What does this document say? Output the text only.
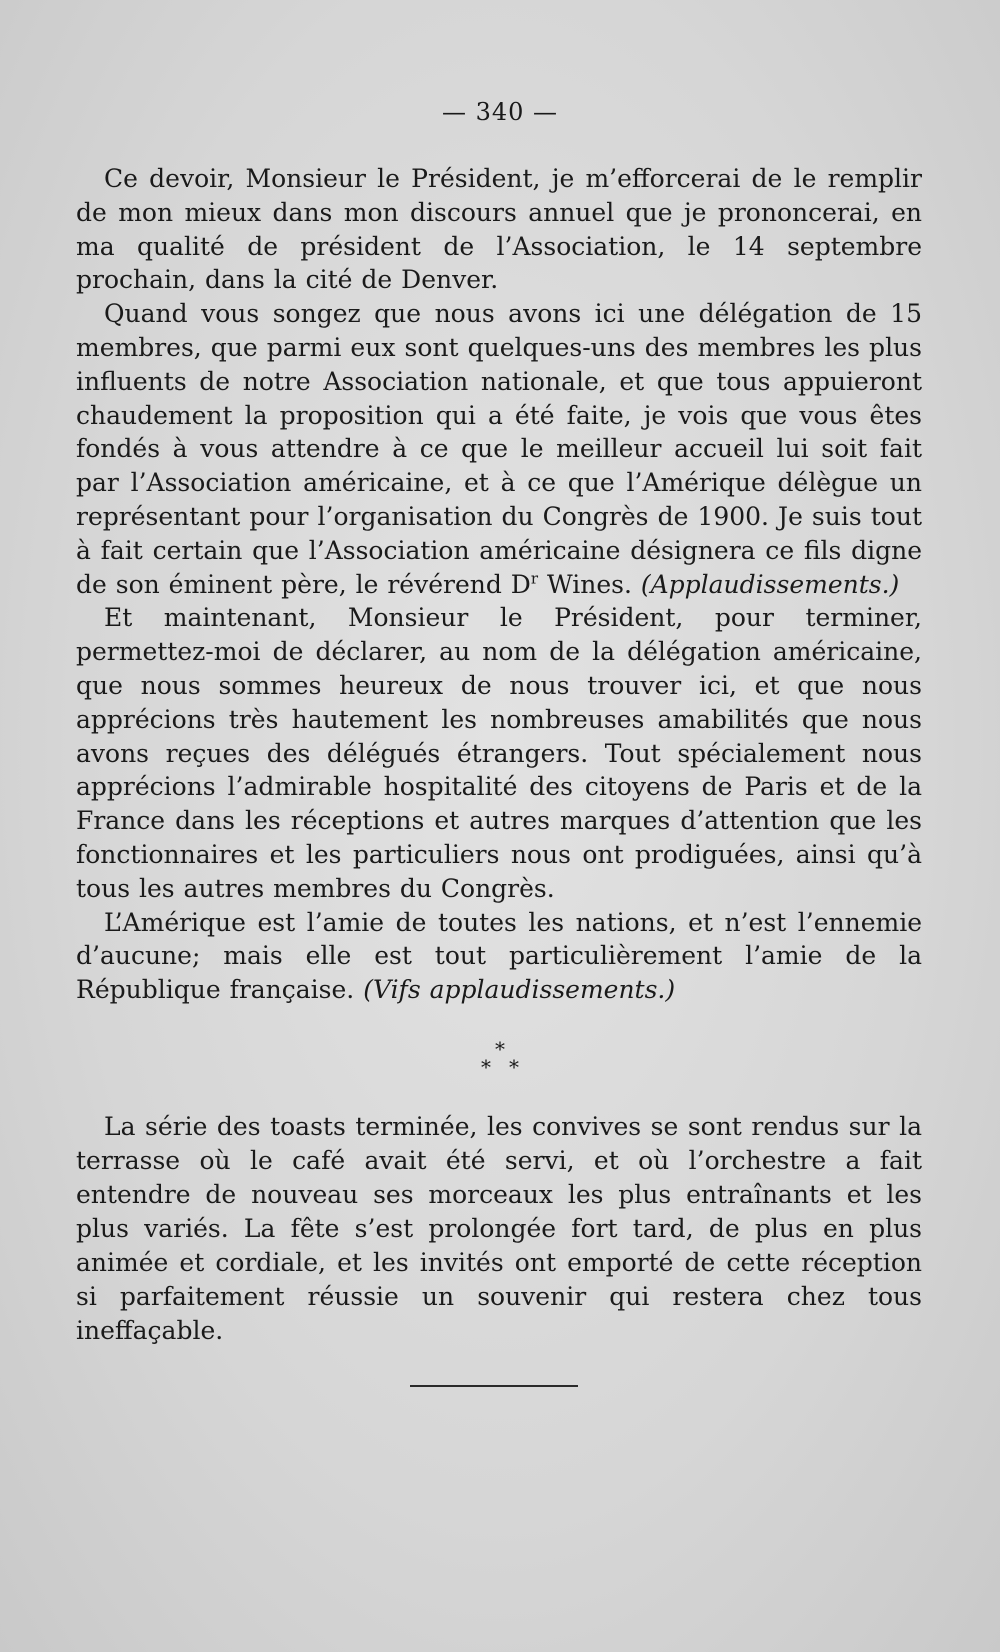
— 340 —

Ce devoir, Monsieur le Président, je m’efforcerai de le remplir de mon mieux dans mon discours annuel que je prononcerai, en ma qualité de président de l’Association, le 14 septembre prochain, dans la cité de Denver.

Quand vous songez que nous avons ici une délégation de 15 membres, que parmi eux sont quelques-uns des membres les plus influents de notre Association nationale, et que tous appuieront chaudement la proposition qui a été faite, je vois que vous êtes fondés à vous attendre à ce que le meilleur accueil lui soit fait par l’Association américaine, et à ce que l’Amérique délègue un représentant pour l’organisation du Congrès de 1900. Je suis tout à fait certain que l’Association américaine désignera ce fils digne de son éminent père, le révérend $D^r$ Wines. (Applaudissements.)

Et maintenant, Monsieur le Président, pour terminer, permettez-moi de déclarer, au nom de la délégation américaine, que nous sommes heureux de nous trouver ici, et que nous apprécions très hautement les nombreuses amabilités que nous avons reçues des délégués étrangers. Tout spécialement nous apprécions l’admirable hospitalité des citoyens de Paris et de la France dans les réceptions et autres marques d’attention que les fonctionnaires et les particuliers nous ont prodiguées, ainsi qu’à tous les autres membres du Congrès.

L’Amérique est l’amie de toutes les nations, et n’est l’ennemie d’aucune; mais elle est tout particulièrement l’amie de la République française. (Vifs applaudissements.)

*
**

La série des toasts terminée, les convives se sont rendus sur la terrasse où le café avait été servi, et où l’orchestre a fait entendre de nouveau ses morceaux les plus entraînants et les plus variés. La fête s’est prolongée fort tard, de plus en plus animée et cordiale, et les invités ont emporté de cette réception si parfaitement réussie un souvenir qui restera chez tous ineffaçable.
